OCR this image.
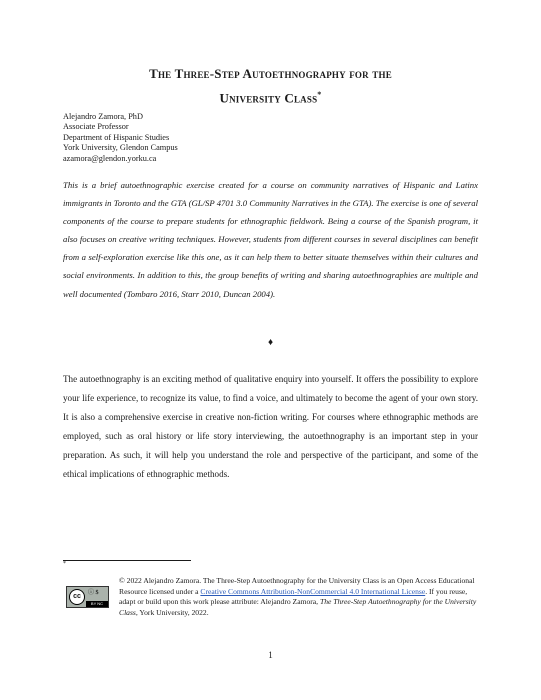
The Three-Step Autoethnography for the
University Class*
Alejandro Zamora, PhD
Associate Professor
Department of Hispanic Studies
York University, Glendon Campus
azamora@glendon.yorku.ca
This is a brief autoethnographic exercise created for a course on community narratives of Hispanic and Latinx immigrants in Toronto and the GTA (GL/SP 4701 3.0 Community Narratives in the GTA). The exercise is one of several components of the course to prepare students for ethnographic fieldwork. Being a course of the Spanish program, it also focuses on creative writing techniques. However, students from different courses in several disciplines can benefit from a self-exploration exercise like this one, as it can help them to better situate themselves within their cultures and social environments. In addition to this, the group benefits of writing and sharing autoethnographies are multiple and well documented (Tombaro 2016, Starr 2010, Duncan 2004).
♦
The autoethnography is an exciting method of qualitative enquiry into yourself. It offers the possibility to explore your life experience, to recognize its value, to find a voice, and ultimately to become the agent of your own story. It is also a comprehensive exercise in creative non-fiction writing. For courses where ethnographic methods are employed, such as oral history or life story interviewing, the autoethnography is an important step in your preparation. As such, it will help you understand the role and perspective of the participant, and some of the ethical implications of ethnographic methods.
*
cc	ⓘ $
BY NC
© 2022 Alejandro Zamora. The Three-Step Autoethnography for the University Class is an Open Access Educational Resource licensed under a Creative Commons Attribution-NonCommercial 4.0 International License. If you reuse, adapt or build upon this work please attribute: Alejandro Zamora, The Three-Step Autoethnography for the University Class, York University, 2022.
1
